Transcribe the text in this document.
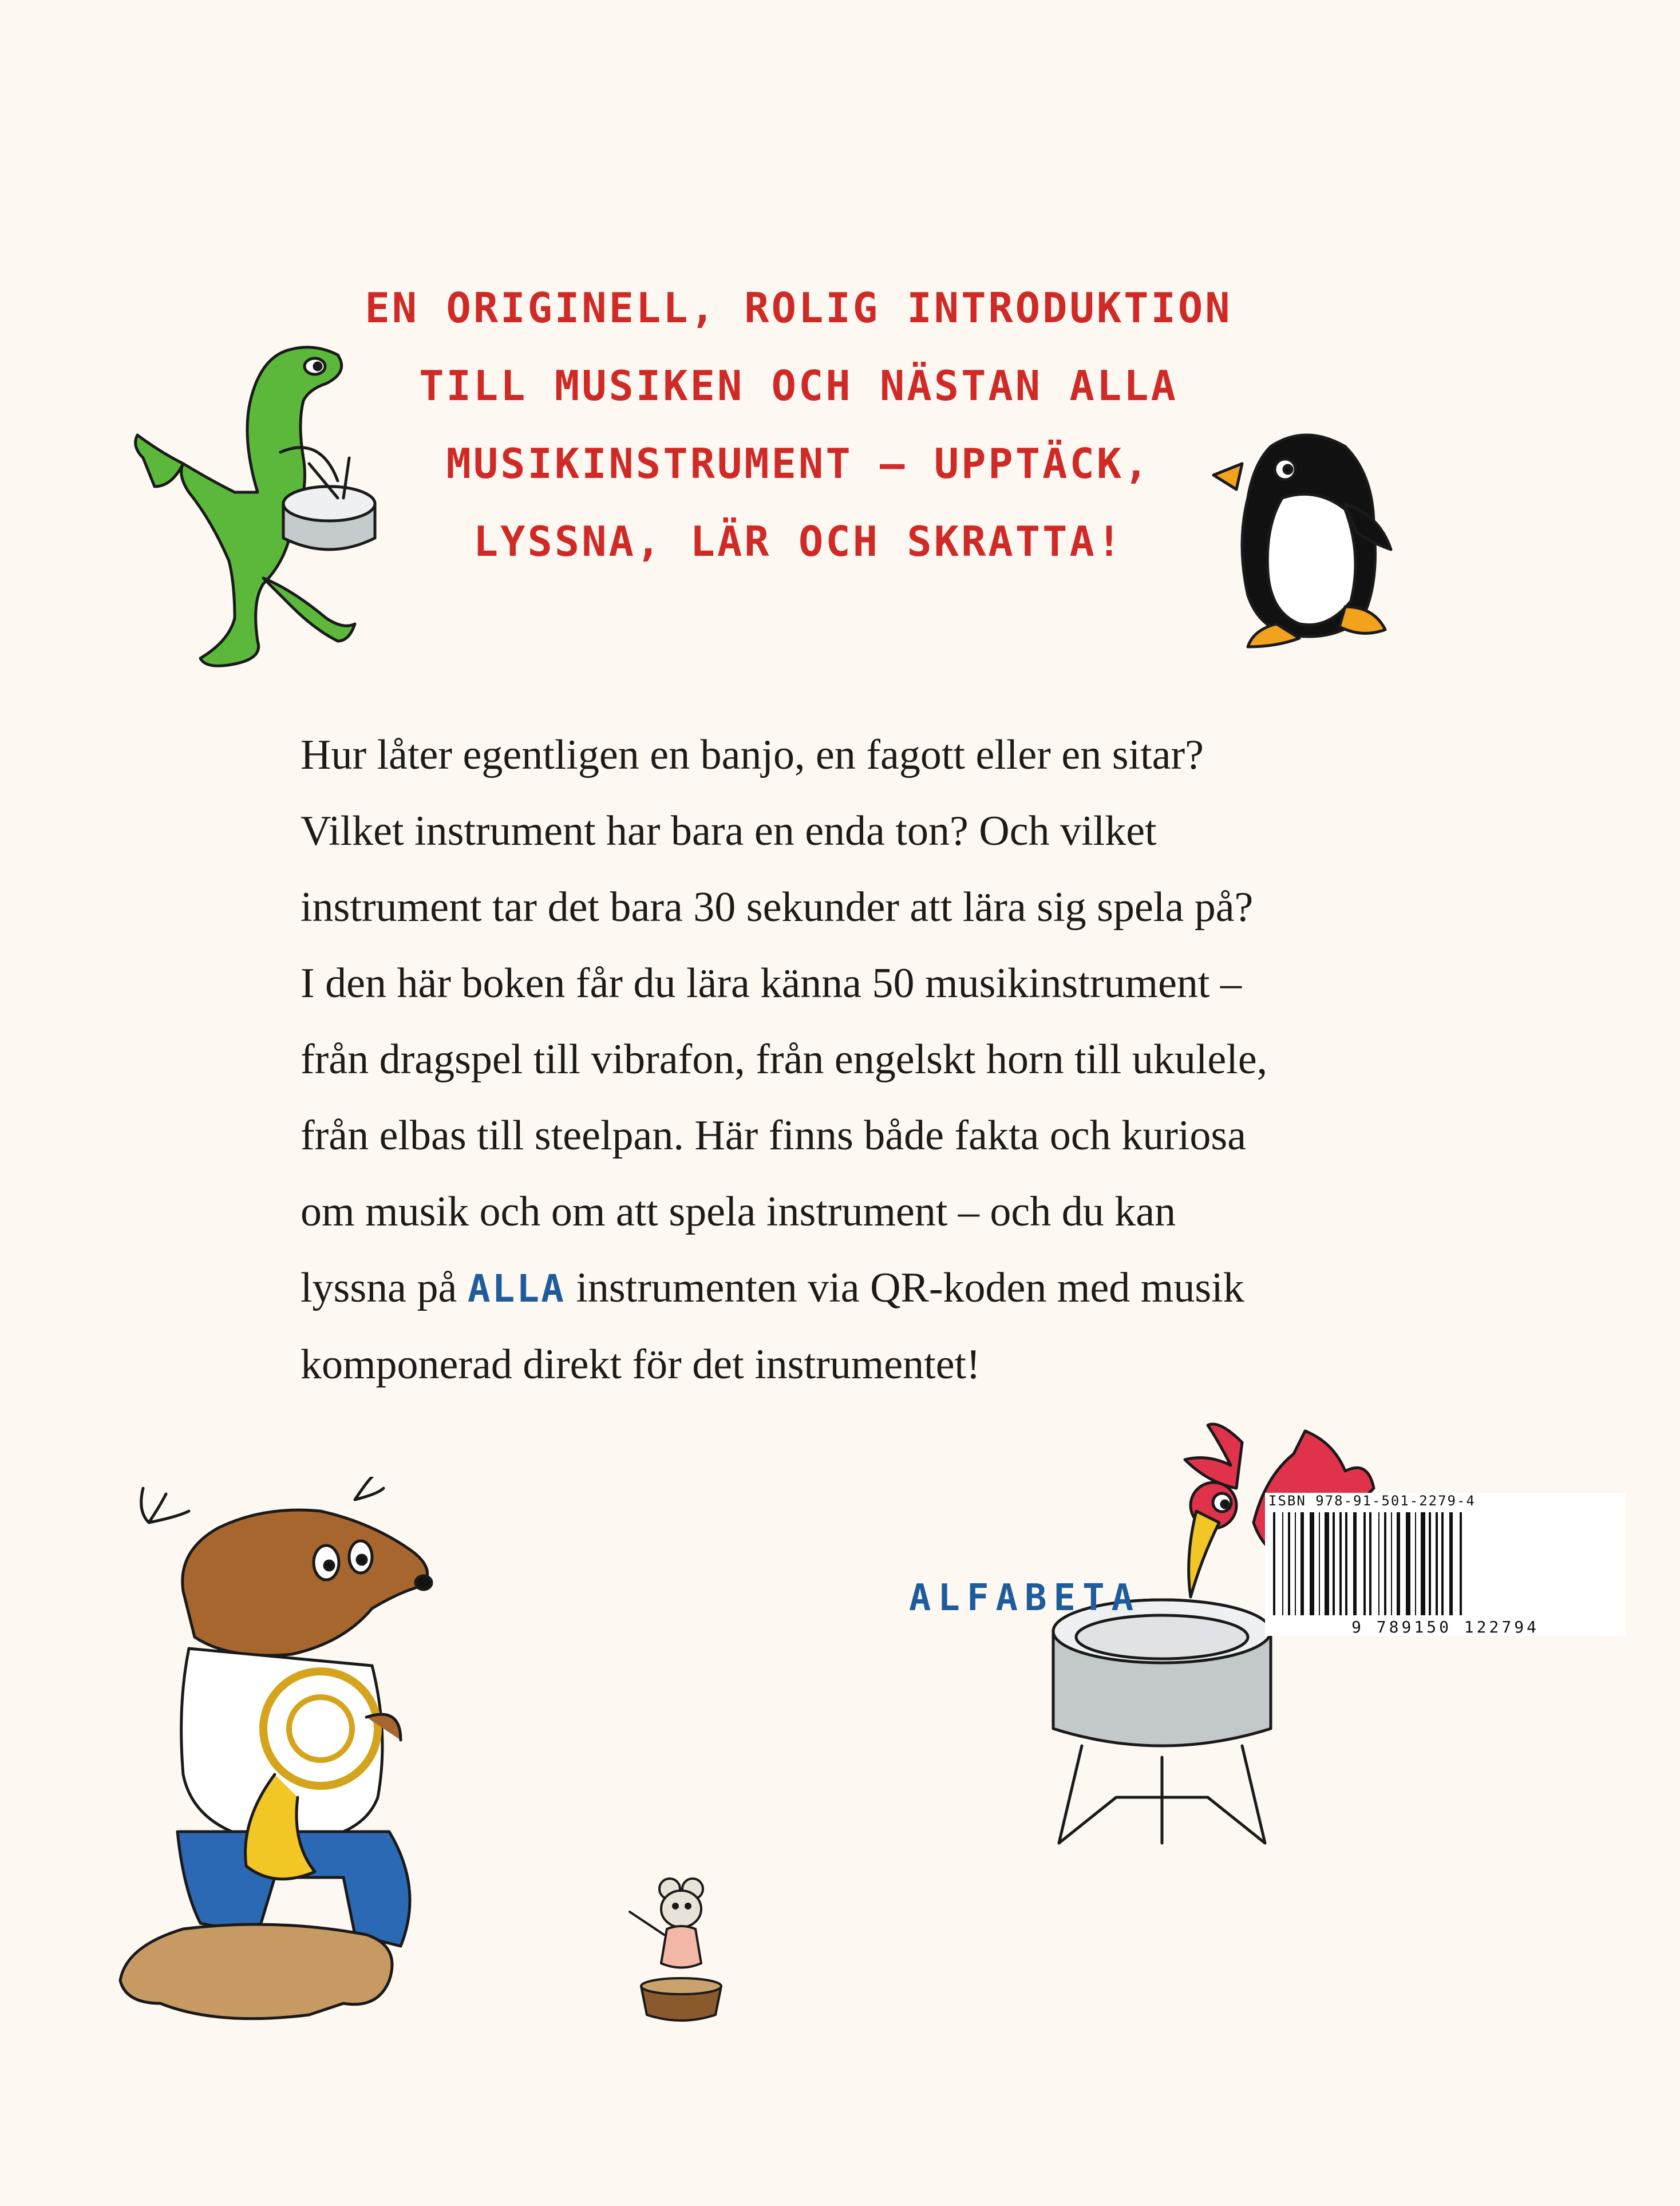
EN ORIGINELL, ROLIG INTRODUKTION
TILL MUSIKEN OCH NÄSTAN ALLA
MUSIKINSTRUMENT – UPPTÄCK,
LYSSNA, LÄR OCH SKRATTA!
Hur låter egentligen en banjo, en fagott eller en sitar?
Vilket instrument har bara en enda ton? Och vilket
instrument tar det bara 30 sekunder att lära sig spela på?
I den här boken får du lära känna 50 musikinstrument –
från dragspel till vibrafon, från engelskt horn till ukulele,
från elbas till steelpan. Här finns både fakta och kuriosa
om musik och om att spela instrument – och du kan
lyssna på ALLA instrumenten via QR-koden med musik
komponerad direkt för det instrumentet!
ALFABETA
ISBN 978-91-501-2279-4
9 789150 122794
